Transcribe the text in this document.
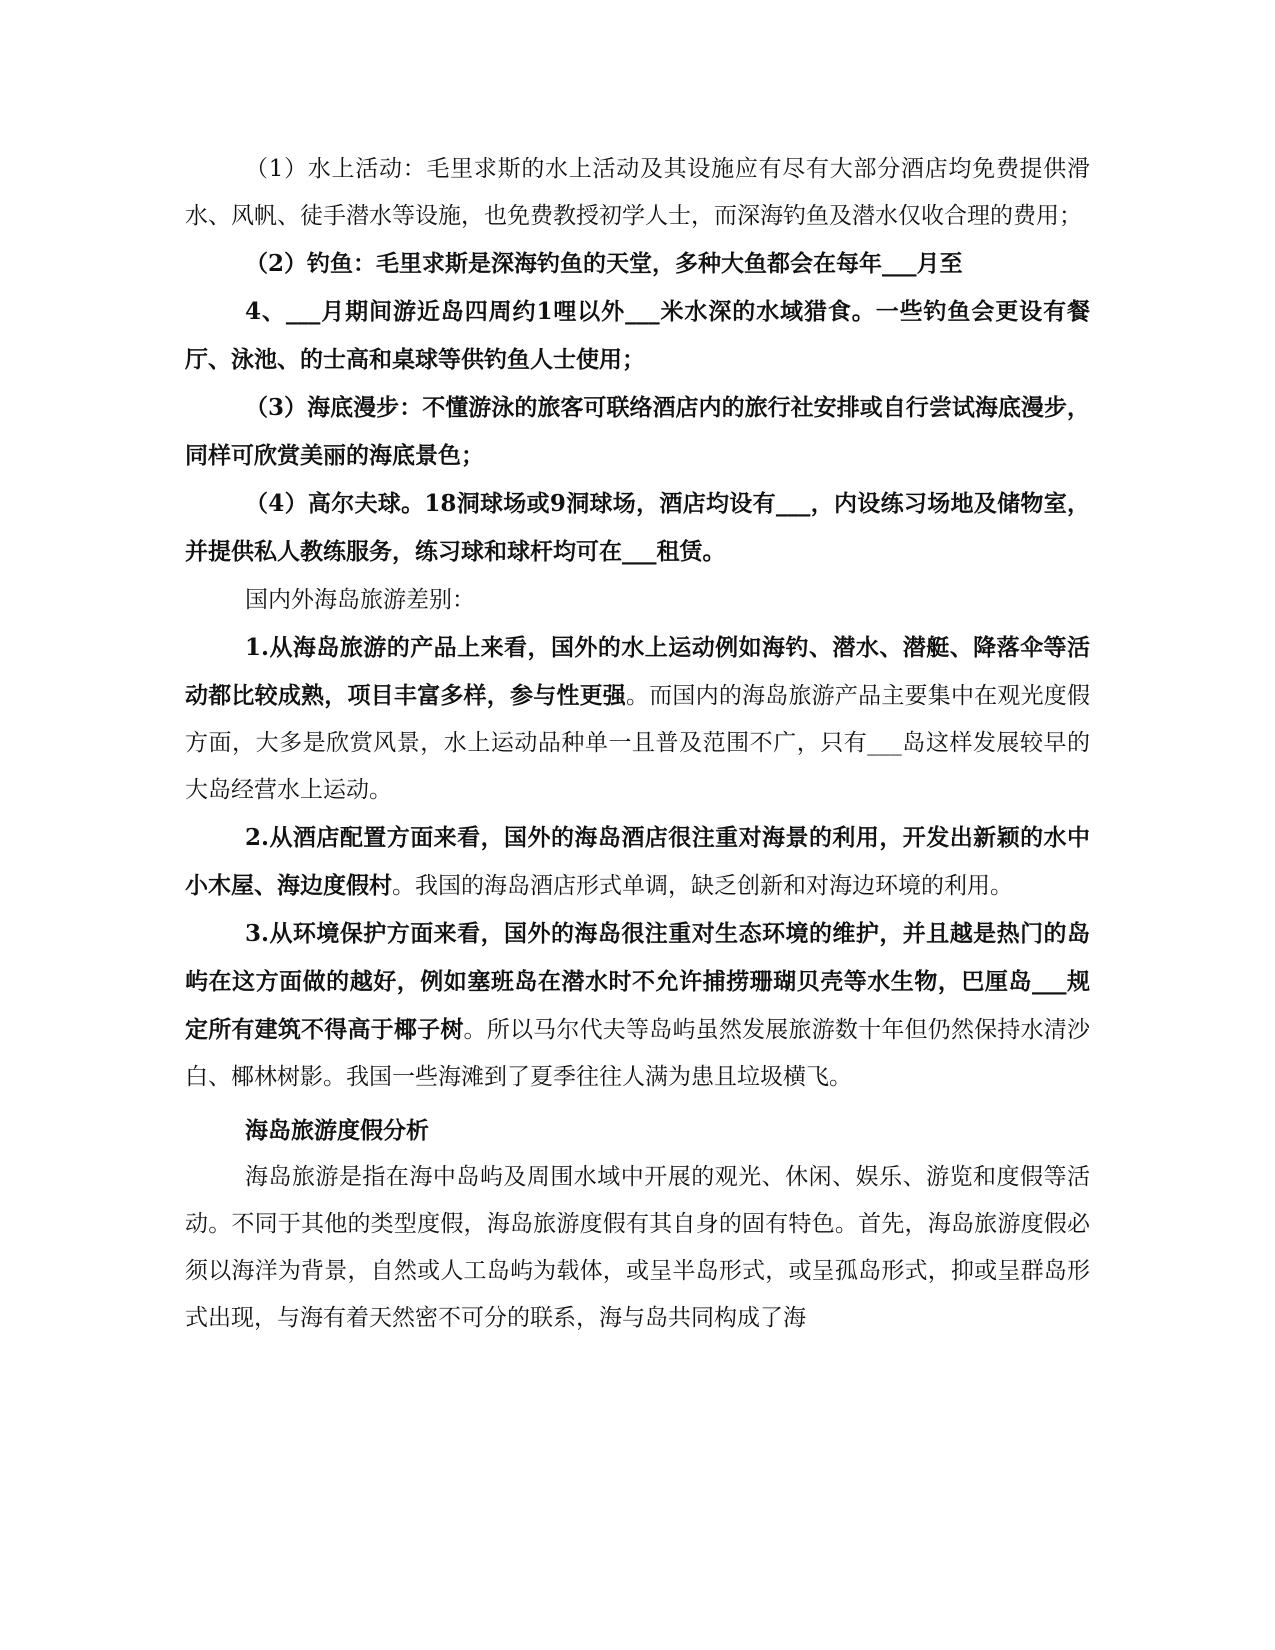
（1）水上活动：毛里求斯的水上活动及其设施应有尽有大部分酒店均免费提供滑水、风帆、徒手潜水等设施，也免费教授初学人士，而深海钓鱼及潜水仅收合理的费用；

（2）钓鱼：毛里求斯是深海钓鱼的天堂，多种大鱼都会在每年___月至

4、___月期间游近岛四周约1哩以外___米水深的水域猎食。一些钓鱼会更设有餐厅、泳池、的士高和桌球等供钓鱼人士使用；

（3）海底漫步：不懂游泳的旅客可联络酒店内的旅行社安排或自行尝试海底漫步，同样可欣赏美丽的海底景色；

（4）高尔夫球。18洞球场或9洞球场，酒店均设有___，内设练习场地及储物室，并提供私人教练服务，练习球和球杆均可在___租赁。

国内外海岛旅游差别：

1.从海岛旅游的产品上来看，国外的水上运动例如海钓、潜水、潜艇、降落伞等活动都比较成熟，项目丰富多样，参与性更强。而国内的海岛旅游产品主要集中在观光度假方面，大多是欣赏风景，水上运动品种单一且普及范围不广，只有___岛这样发展较早的大岛经营水上运动。

2.从酒店配置方面来看，国外的海岛酒店很注重对海景的利用，开发出新颖的水中小木屋、海边度假村。我国的海岛酒店形式单调，缺乏创新和对海边环境的利用。

3.从环境保护方面来看，国外的海岛很注重对生态环境的维护，并且越是热门的岛屿在这方面做的越好，例如塞班岛在潜水时不允许捕捞珊瑚贝壳等水生物，巴厘岛___规定所有建筑不得高于椰子树。所以马尔代夫等岛屿虽然发展旅游数十年但仍然保持水清沙白、椰林树影。我国一些海滩到了夏季往往人满为患且垃圾横飞。

海岛旅游度假分析

海岛旅游是指在海中岛屿及周围水域中开展的观光、休闲、娱乐、游览和度假等活动。不同于其他的类型度假，海岛旅游度假有其自身的固有特色。首先，海岛旅游度假必须以海洋为背景，自然或人工岛屿为载体，或呈半岛形式，或呈孤岛形式，抑或呈群岛形式出现，与海有着天然密不可分的联系，海与岛共同构成了海
